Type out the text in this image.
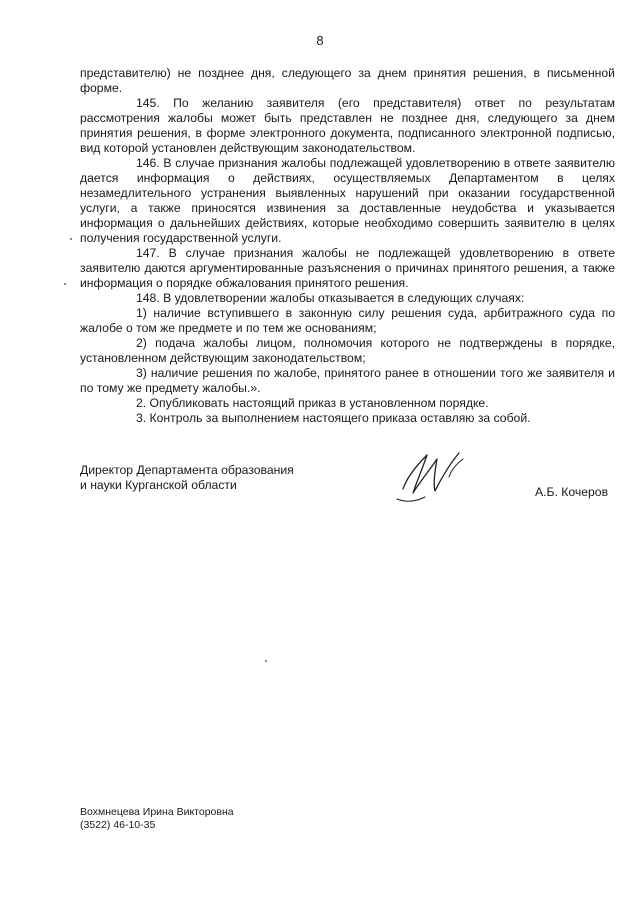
8

представителю) не позднее дня, следующего за днем принятия решения, в письменной форме.

145. По желанию заявителя (его представителя) ответ по результатам рассмотрения жалобы может быть представлен не позднее дня, следующего за днем принятия решения, в форме электронного документа, подписанного электронной подписью, вид которой установлен действующим законодательством.

146. В случае признания жалобы подлежащей удовлетворению в ответе заявителю дается информация о действиях, осуществляемых Департаментом в целях незамедлительного устранения выявленных нарушений при оказании государственной услуги, а также приносятся извинения за доставленные неудобства и указывается информация о дальнейших действиях, которые необходимо совершить заявителю в целях получения государственной услуги.

147. В случае признания жалобы не подлежащей удовлетворению в ответе заявителю даются аргументированные разъяснения о причинах принятого решения, а также информация о порядке обжалования принятого решения.

148. В удовлетворении жалобы отказывается в следующих случаях:

1) наличие вступившего в законную силу решения суда, арбитражного суда по жалобе о том же предмете и по тем же основаниям;

2) подача жалобы лицом, полномочия которого не подтверждены в порядке, установленном действующим законодательством;

3) наличие решения по жалобе, принятого ранее в отношении того же заявителя и по тому же предмету жалобы.».

2. Опубликовать настоящий приказ в установленном порядке.

3. Контроль за выполнением настоящего приказа оставляю за собой.

Директор Департамента образования
и науки Курганской области	А.Б. Кочеров
Вохмнецева Ирина Викторовна
(3522) 46-10-35
